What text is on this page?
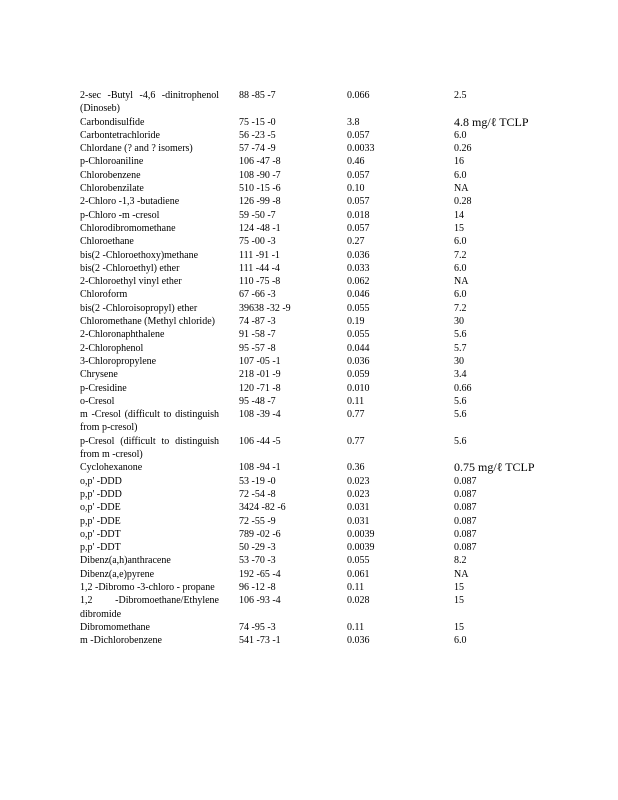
2-sec -Butyl -4,6 -dinitrophenol (Dinoseb)	88 -85 -7	0.066	2.5
Carbondisulfide	75 -15 -0	3.8	4.8 mg/ℓ TCLP
Carbontetrachloride	56 -23 -5	0.057	6.0
Chlordane (? and ? isomers)	57 -74 -9	0.0033	0.26
p-Chloroaniline	106 -47 -8	0.46	16
Chlorobenzene	108 -90 -7	0.057	6.0
Chlorobenzilate	510 -15 -6	0.10	NA
2-Chloro -1,3 -butadiene	126 -99 -8	0.057	0.28
p-Chloro -m -cresol	59 -50 -7	0.018	14
Chlorodibromomethane	124 -48 -1	0.057	15
Chloroethane	75 -00 -3	0.27	6.0
bis(2 -Chloroethoxy)methane	111 -91 -1	0.036	7.2
bis(2 -Chloroethyl) ether	111 -44 -4	0.033	6.0
2-Chloroethyl vinyl ether	110 -75 -8	0.062	NA
Chloroform	67 -66 -3	0.046	6.0
bis(2 -Chloroisopropyl) ether	39638 -32 -9	0.055	7.2
Chloromethane (Methyl chloride)	74 -87 -3	0.19	30
2-Chloronaphthalene	91 -58 -7	0.055	5.6
2-Chlorophenol	95 -57 -8	0.044	5.7
3-Chloropropylene	107 -05 -1	0.036	30
Chrysene	218 -01 -9	0.059	3.4
p-Cresidine	120 -71 -8	0.010	0.66
o-Cresol	95 -48 -7	0.11	5.6
m -Cresol (difficult to distinguish from p-cresol)	108 -39 -4	0.77	5.6
p-Cresol (difficult to distinguish from m -cresol)	106 -44 -5	0.77	5.6
Cyclohexanone	108 -94 -1	0.36	0.75 mg/ℓ TCLP
o,p' -DDD	53 -19 -0	0.023	0.087
p,p' -DDD	72 -54 -8	0.023	0.087
o,p' -DDE	3424 -82 -6	0.031	0.087
p,p' -DDE	72 -55 -9	0.031	0.087
o,p' -DDT	789 -02 -6	0.0039	0.087
p,p' -DDT	50 -29 -3	0.0039	0.087
Dibenz(a,h)anthracene	53 -70 -3	0.055	8.2
Dibenz(a,e)pyrene	192 -65 -4	0.061	NA
1,2 -Dibromo -3-chloro - propane	96 -12 -8	0.11	15
1,2 -Dibromoethane/Ethylene dibromide	106 -93 -4	0.028	15
Dibromomethane	74 -95 -3	0.11	15
m -Dichlorobenzene	541 -73 -1	0.036	6.0
